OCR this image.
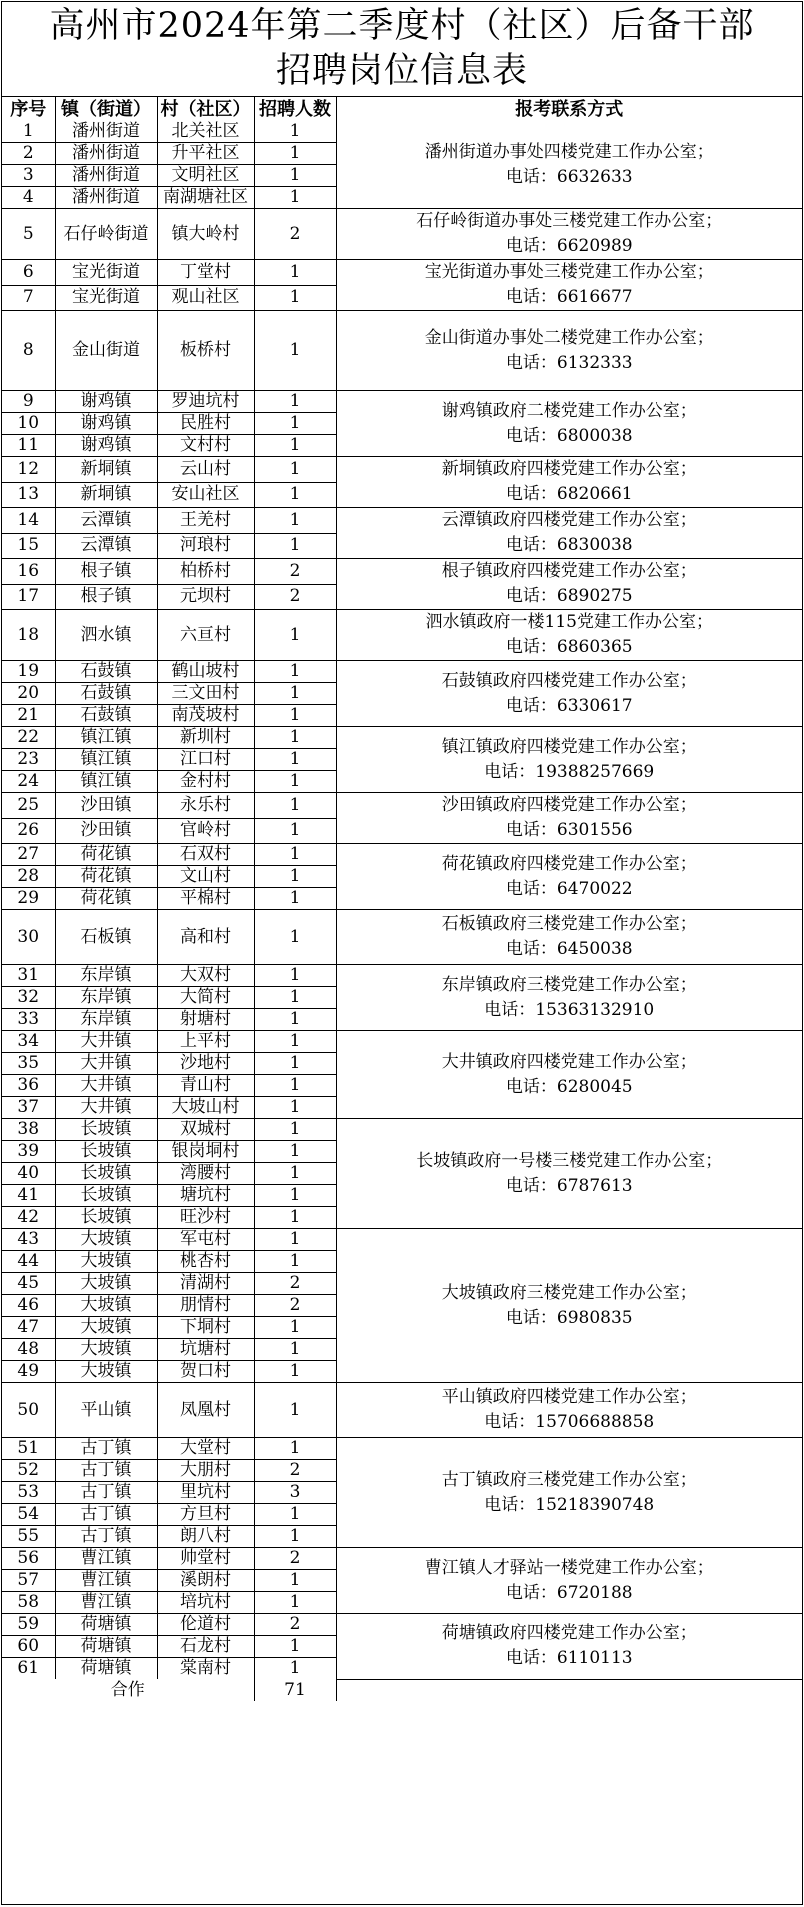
高州市2024年第二季度村（社区）后备干部
招聘岗位信息表
序号	镇（街道）	村（社区）	招聘人数	报考联系方式
1	潘州街道	北关社区	1	潘州街道办事处四楼党建工作办公室；
电话：6632633

2	潘州街道	升平社区	1	
3	潘州街道	文明社区	1	
4	潘州街道	南湖塘社区	1	
5	石仔岭街道	镇大岭村	2	石仔岭街道办事处三楼党建工作办公室；
电话：6620989

6	宝光街道	丁堂村	1	宝光街道办事处三楼党建工作办公室；
电话：6616677

7	宝光街道	观山社区	1	
8	金山街道	板桥村	1	金山街道办事处二楼党建工作办公室；
电话：6132333

9	谢鸡镇	罗迪坑村	1	谢鸡镇政府二楼党建工作办公室；
电话：6800038

10	谢鸡镇	民胜村	1	
11	谢鸡镇	文村村	1	
12	新垌镇	云山村	1	新垌镇政府四楼党建工作办公室；
电话：6820661

13	新垌镇	安山社区	1	
14	云潭镇	王羌村	1	云潭镇政府四楼党建工作办公室；
电话：6830038

15	云潭镇	河琅村	1	
16	根子镇	柏桥村	2	根子镇政府四楼党建工作办公室；
电话：6890275

17	根子镇	元坝村	2	
18	泗水镇	六亘村	1	泗水镇政府一楼115党建工作办公室；
电话：6860365

19	石鼓镇	鹤山坡村	1	石鼓镇政府四楼党建工作办公室；
电话：6330617

20	石鼓镇	三文田村	1	
21	石鼓镇	南茂坡村	1	
22	镇江镇	新圳村	1	镇江镇政府四楼党建工作办公室；
电话：19388257669

23	镇江镇	江口村	1	
24	镇江镇	金村村	1	
25	沙田镇	永乐村	1	沙田镇政府四楼党建工作办公室；
电话：6301556

26	沙田镇	官岭村	1	
27	荷花镇	石双村	1	荷花镇政府四楼党建工作办公室；
电话：6470022

28	荷花镇	文山村	1	
29	荷花镇	平棉村	1	
30	石板镇	高和村	1	石板镇政府三楼党建工作办公室；
电话：6450038

31	东岸镇	大双村	1	东岸镇政府三楼党建工作办公室；
电话：15363132910

32	东岸镇	大简村	1	
33	东岸镇	射塘村	1	
34	大井镇	上平村	1	大井镇政府四楼党建工作办公室；
电话：6280045

35	大井镇	沙地村	1	
36	大井镇	青山村	1	
37	大井镇	大坡山村	1	
38	长坡镇	双城村	1	长坡镇政府一号楼三楼党建工作办公室；
电话：6787613

39	长坡镇	银岗垌村	1	
40	长坡镇	湾腰村	1	
41	长坡镇	塘坑村	1	
42	长坡镇	旺沙村	1	
43	大坡镇	军屯村	1	大坡镇政府三楼党建工作办公室；
电话：6980835

44	大坡镇	桃杏村	1	
45	大坡镇	清湖村	2	
46	大坡镇	朋情村	2	
47	大坡镇	下垌村	1	
48	大坡镇	坑塘村	1	
49	大坡镇	贺口村	1	
50	平山镇	凤凰村	1	平山镇政府四楼党建工作办公室；
电话：15706688858

51	古丁镇	大堂村	1	古丁镇政府三楼党建工作办公室；
电话：15218390748

52	古丁镇	大朋村	2	
53	古丁镇	里坑村	3	
54	古丁镇	方旦村	1	
55	古丁镇	朗八村	1	
56	曹江镇	帅堂村	2	曹江镇人才驿站一楼党建工作办公室；
电话：6720188

57	曹江镇	溪朗村	1	
58	曹江镇	培坑村	1	
59	荷塘镇	伦道村	2	荷塘镇政府四楼党建工作办公室；
电话：6110113

60	荷塘镇	石龙村	1	
61	荷塘镇	棠南村	1	
合作			71	
